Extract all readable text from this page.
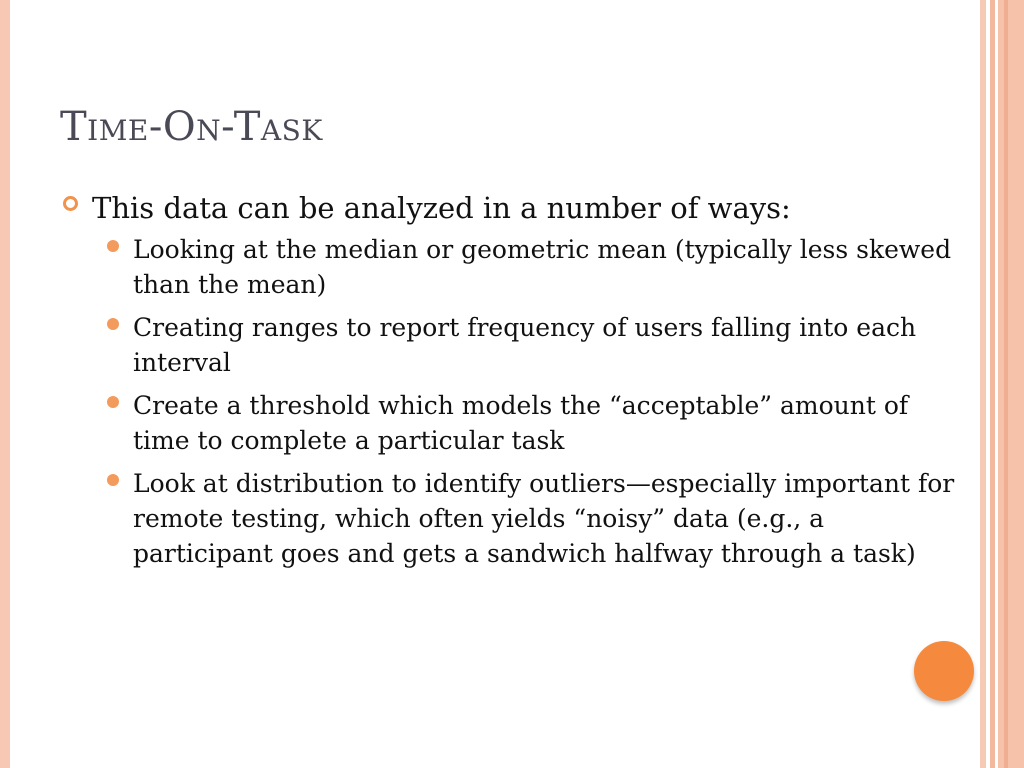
Time-On-Task
This data can be analyzed in a number of ways:
Looking at the median or geometric mean (typically less skewed than the mean)
Creating ranges to report frequency of users falling into each interval
Create a threshold which models the “acceptable” amount of time to complete a particular task
Look at distribution to identify outliers—especially important for remote testing, which often yields “noisy” data (e.g., a participant goes and gets a sandwich halfway through a task)
